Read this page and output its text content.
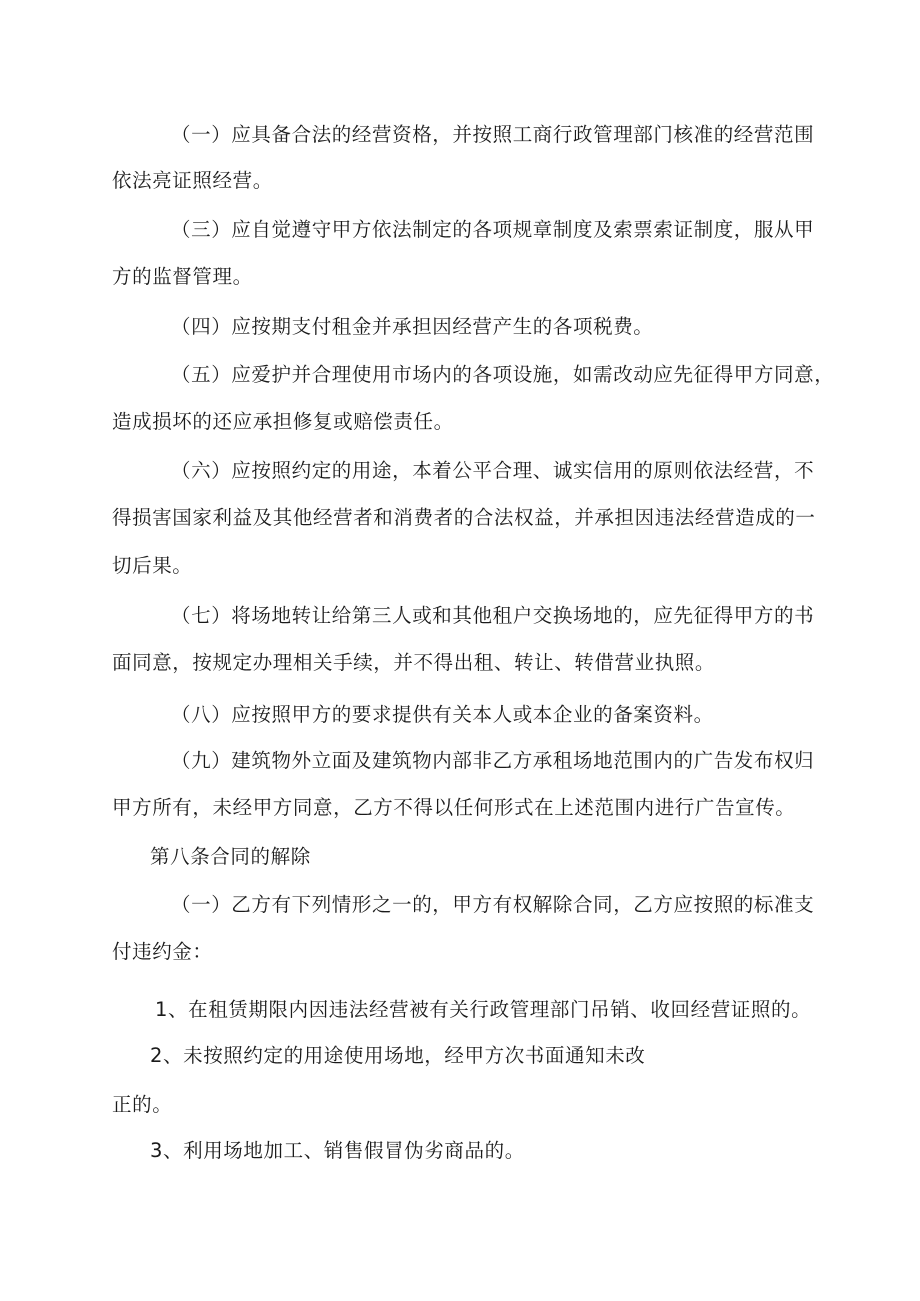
（一）应具备合法的经营资格，并按照工商行政管理部门核准的经营范围
依法亮证照经营。
（三）应自觉遵守甲方依法制定的各项规章制度及索票索证制度，服从甲
方的监督管理。
（四）应按期支付租金并承担因经营产生的各项税费。
（五）应爱护并合理使用市场内的各项设施，如需改动应先征得甲方同意，
造成损坏的还应承担修复或赔偿责任。
（六）应按照约定的用途，本着公平合理、诚实信用的原则依法经营，不
得损害国家利益及其他经营者和消费者的合法权益，并承担因违法经营造成的一
切后果。
（七）将场地转让给第三人或和其他租户交换场地的，应先征得甲方的书
面同意，按规定办理相关手续，并不得出租、转让、转借营业执照。
（八）应按照甲方的要求提供有关本人或本企业的备案资料。
（九）建筑物外立面及建筑物内部非乙方承租场地范围内的广告发布权归
甲方所有，未经甲方同意，乙方不得以任何形式在上述范围内进行广告宣传。
第八条合同的解除
（一）乙方有下列情形之一的，甲方有权解除合同，乙方应按照的标准支
付违约金：
1、在租赁期限内因违法经营被有关行政管理部门吊销、收回经营证照的。
2、未按照约定的用途使用场地，经甲方次书面通知未改
正的。
3、利用场地加工、销售假冒伪劣商品的。
